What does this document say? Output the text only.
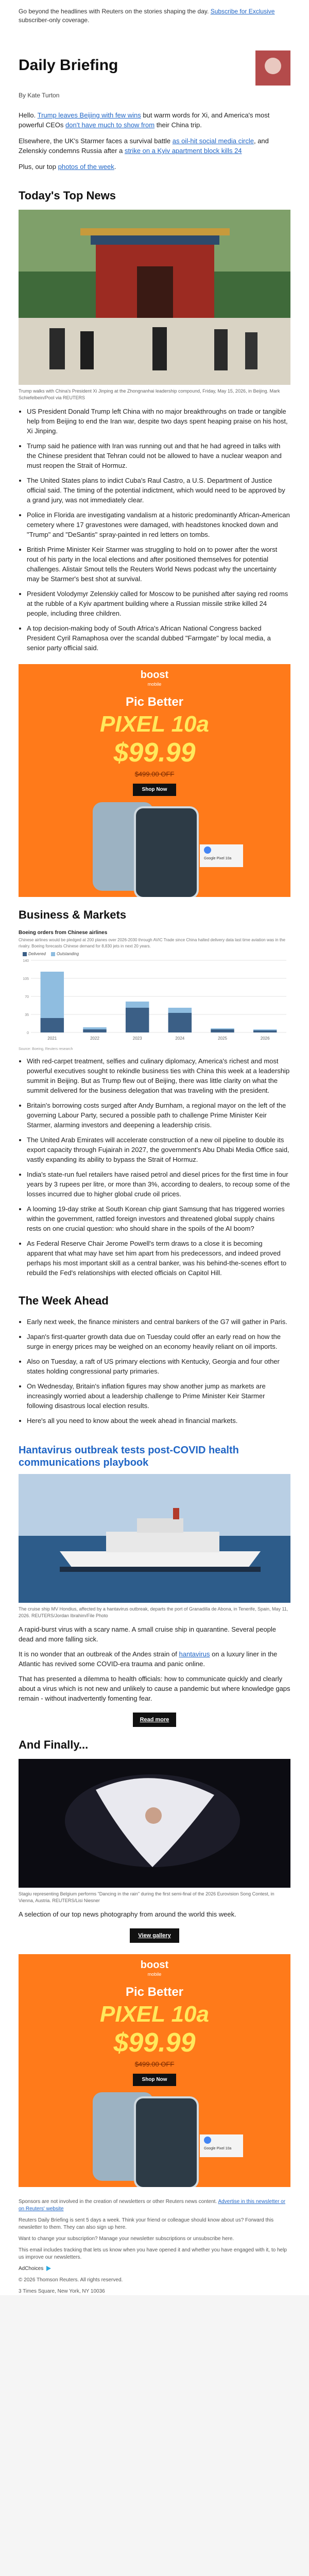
Go beyond the headlines with Reuters on the stories shaping the day. Subscribe for Exclusive subscriber-only coverage.
Daily Briefing
By Kate Turton

Hello. Trump leaves Beijing with few wins but warm words for Xi, and America's most powerful CEOs don't have much to show from their China trip.

Elsewhere, the UK's Starmer faces a survival battle as oil-hit social media circle, and Zelenskiy condemns Russia after a strike on a Kyiv apartment block kills 24

Plus, our top photos of the week.

Today's Top News
Trump walks with China's President Xi Jinping at the Zhongnanhai leadership compound, Friday, May 15, 2026, in Beijing. Mark Schiefelbein/Pool via REUTERS
• US President Donald Trump left China with no major breakthroughs on trade or tangible help from Beijing to end the Iran war, despite two days spent heaping praise on his host, Xi Jinping.
• Trump said he patience with Iran was running out and that he had agreed in talks with the Chinese president that Tehran could not be allowed to have a nuclear weapon and must reopen the Strait of Hormuz.
• The United States plans to indict Cuba's Raul Castro, a U.S. Department of Justice official said. The timing of the potential indictment, which would need to be approved by a grand jury, was not immediately clear.
• Police in Florida are investigating vandalism at a historic predominantly African-American cemetery where 17 gravestones were damaged, with headstones knocked down and "Trump" and "DeSantis" spray-painted in red letters on tombs.
• British Prime Minister Keir Starmer was struggling to hold on to power after the worst rout of his party in the local elections and after positioned themselves for potential challenges. Alistair Smout tells the Reuters World News podcast why the uncertainty may be Starmer's best shot at survival.
• President Volodymyr Zelenskiy called for Moscow to be punished after saying red rooms at the rubble of a Kyiv apartment building where a Russian missile strike killed 24 people, including three children.
• A top decision-making body of South Africa's African National Congress backed President Cyril Ramaphosa over the scandal dubbed "Farmgate" by local media, a senior party official said.
boost
mobile
Pic Better
PIXEL 10a
$99.99
$499.00 OFF
Shop Now
Google Pixel 10a
Business & Markets
Boeing orders from Chinese airlines
Chinese airlines would be pledged at 200 planes over 2026-2030 through AVIC Trade since China halted delivery data last time aviation was in the rivalry. Boeing forecasts Chinese demand for 8,830 jets in next 20 years.
Delivered	Outstanding
0
35
70
105
140
2021	2022	2023	2024	2025	2026
Source: Boeing, Reuters research
• With red-carpet treatment, selfies and culinary diplomacy, America's richest and most powerful executives sought to rekindle business ties with China this week at a leadership summit in Beijing. But as Trump flew out of Beijing, there was little clarity on what the summit delivered for the business delegation that was traveling with the president.
• Britain's borrowing costs surged after Andy Burnham, a regional mayor on the left of the governing Labour Party, secured a possible path to challenge Prime Minister Keir Starmer, alarming investors and deepening a leadership crisis.
• The United Arab Emirates will accelerate construction of a new oil pipeline to double its export capacity through Fujairah in 2027, the government's Abu Dhabi Media Office said, vastly expanding its ability to bypass the Strait of Hormuz.
• India's state-run fuel retailers have raised petrol and diesel prices for the first time in four years by 3 rupees per litre, or more than 3%, according to dealers, to recoup some of the losses incurred due to higher global crude oil prices.
• A looming 19-day strike at South Korean chip giant Samsung that has triggered worries within the government, rattled foreign investors and threatened global supply chains rests on one crucial question: who should share in the spoils of the AI boom?
• As Federal Reserve Chair Jerome Powell's term draws to a close it is becoming apparent that what may have set him apart from his predecessors, and indeed proved perhaps his most important skill as a central banker, was his behind-the-scenes effort to rebuild the Fed's relationships with elected officials on Capitol Hill.
The Week Ahead
• Early next week, the finance ministers and central bankers of the G7 will gather in Paris.
• Japan's first-quarter growth data due on Tuesday could offer an early read on how the surge in energy prices may be weighed on an economy heavily reliant on oil imports.
• Also on Tuesday, a raft of US primary elections with Kentucky, Georgia and four other states holding congressional party primaries.
• On Wednesday, Britain's inflation figures may show another jump as markets are increasingly worried about a leadership challenge to Prime Minister Keir Starmer following disastrous local election results.
• Here's all you need to know about the week ahead in financial markets.
Hantavirus outbreak tests post-COVID health communications playbook
The cruise ship MV Hondius, affected by a hantavirus outbreak, departs the port of Granadilla de Abona, in Tenerife, Spain, May 11, 2026. REUTERS/Jordan Ibrahim/File Photo

A rapid-burst virus with a scary name. A small cruise ship in quarantine. Several people dead and more falling sick.

It is no wonder that an outbreak of the Andes strain of hantavirus on a luxury liner in the Atlantic has revived some COVID-era trauma and panic online.

That has presented a dilemma to health officials: how to communicate quickly and clearly about a virus which is not new and unlikely to cause a pandemic but where knowledge gaps remain - without inadvertently fomenting fear.

Read more
And Finally...
Stagiu representing Belgium performs "Dancing in the rain" during the first semi-final of the 2026 Eurovision Song Contest, in Vienna, Austria. REUTERS/Lisi Niesner

A selection of our top news photography from around the world this week.

View gallery
boost
mobile
Pic Better
PIXEL 10a
$99.99
$499.00 OFF
Shop Now
Google Pixel 10a

Sponsors are not involved in the creation of newsletters or other Reuters news content. Advertise in this newsletter or on Reuters' website

Reuters Daily Briefing is sent 5 days a week. Think your friend or colleague should know about us? Forward this newsletter to them. They can also sign up here.

Want to change your subscription? Manage your newsletter subscriptions or unsubscribe here.

This email includes tracking that lets us know when you have opened it and whether you have engaged with it, to help us improve our newsletters.

AdChoices

© 2026 Thomson Reuters. All rights reserved.

3 Times Square, New York, NY 10036
